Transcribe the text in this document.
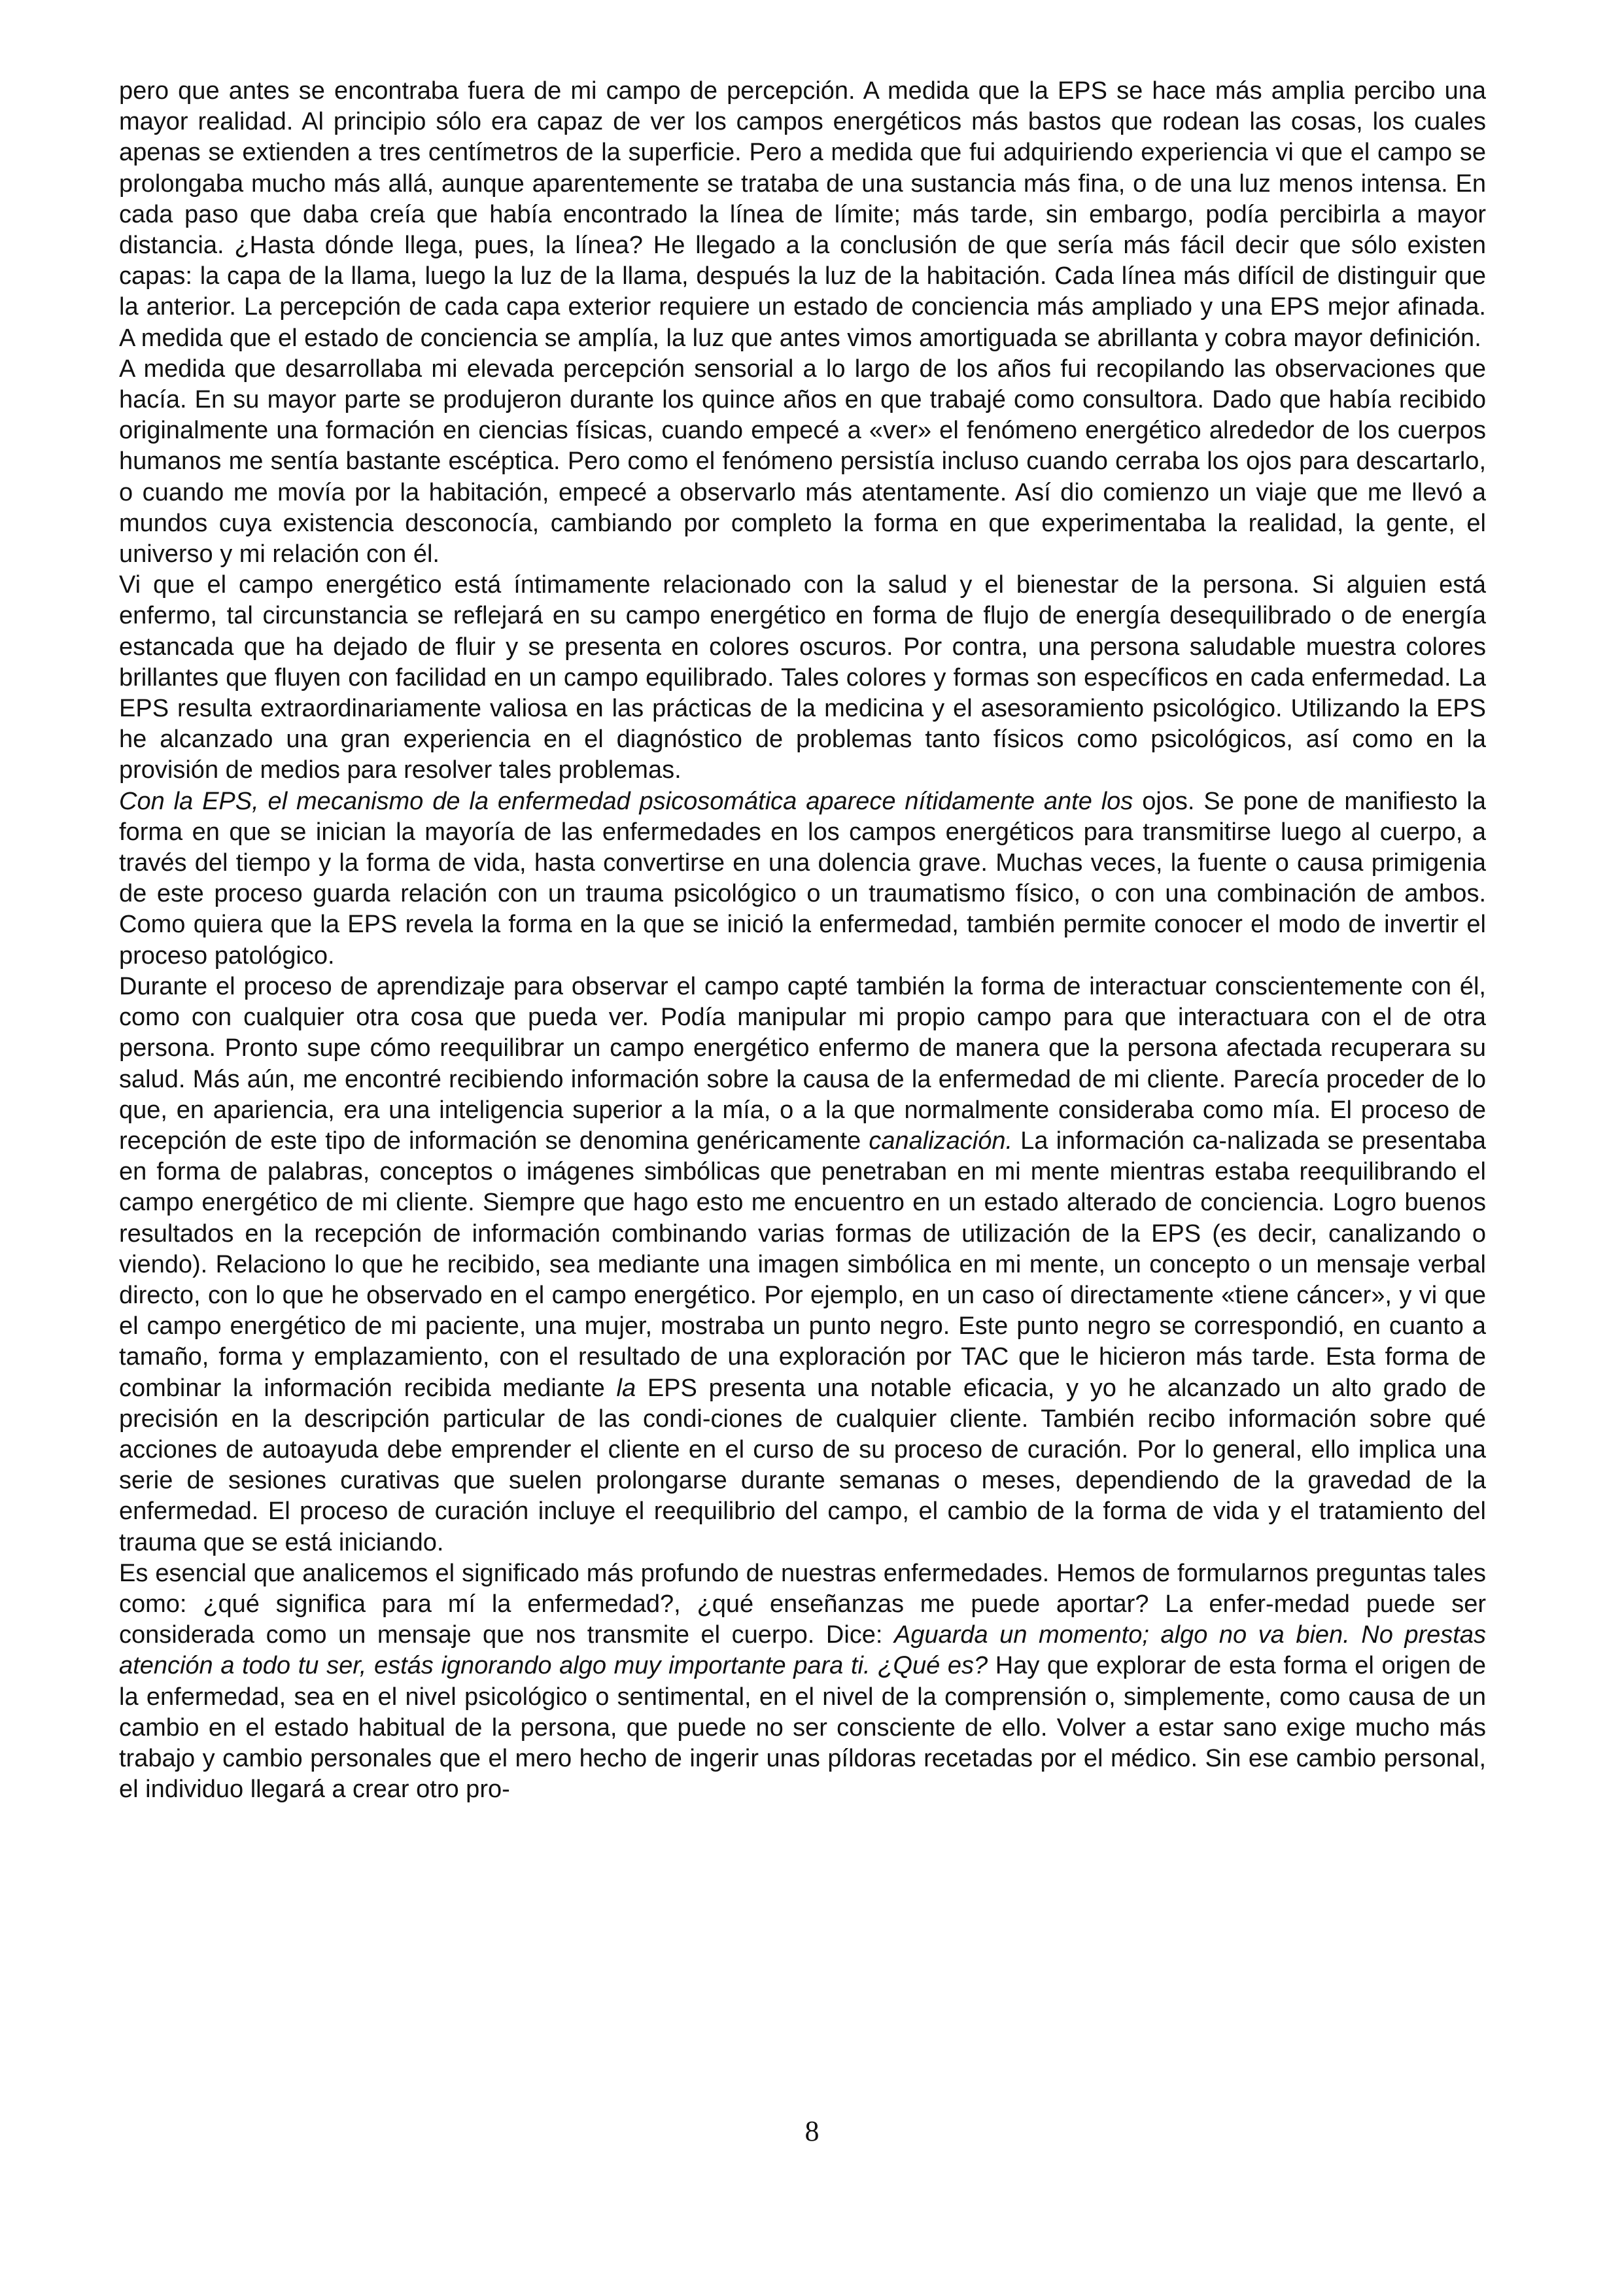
pero que antes se encontraba fuera de mi campo de percepción. A medida que la EPS se hace más amplia percibo una mayor realidad. Al principio sólo era capaz de ver los campos energéticos más bastos que rodean las cosas, los cuales apenas se extienden a tres centímetros de la superficie. Pero a medida que fui adquiriendo experiencia vi que el campo se prolongaba mucho más allá, aunque aparentemente se trataba de una sustancia más fina, o de una luz menos intensa. En cada paso que daba creía que había encontrado la línea de límite; más tarde, sin embargo, podía percibirla a mayor distancia. ¿Hasta dónde llega, pues, la línea? He llegado a la conclusión de que sería más fácil decir que sólo existen capas: la capa de la llama, luego la luz de la llama, después la luz de la habitación. Cada línea más difícil de distinguir que la anterior. La percepción de cada capa exterior requiere un estado de conciencia más ampliado y una EPS mejor afinada. A medida que el estado de conciencia se amplía, la luz que antes vimos amortiguada se abrillanta y cobra mayor definición.

A medida que desarrollaba mi elevada percepción sensorial a lo largo de los años fui recopilando las observaciones que hacía. En su mayor parte se produjeron durante los quince años en que trabajé como consultora. Dado que había recibido originalmente una formación en ciencias físicas, cuando empecé a «ver» el fenómeno energético alrededor de los cuerpos humanos me sentía bastante escéptica. Pero como el fenómeno persistía incluso cuando cerraba los ojos para descartarlo, o cuando me movía por la habitación, empecé a observarlo más atentamente. Así dio comienzo un viaje que me llevó a mundos cuya existencia desconocía, cambiando por completo la forma en que experimentaba la realidad, la gente, el universo y mi relación con él.

Vi que el campo energético está íntimamente relacionado con la salud y el bienestar de la persona. Si alguien está enfermo, tal circunstancia se reflejará en su campo energético en forma de flujo de energía desequilibrado o de energía estancada que ha dejado de fluir y se presenta en colores oscuros. Por contra, una persona saludable muestra colores brillantes que fluyen con facilidad en un campo equilibrado. Tales colores y formas son específicos en cada enfermedad. La EPS resulta extraordinariamente valiosa en las prácticas de la medicina y el asesoramiento psicológico. Utilizando la EPS he alcanzado una gran experiencia en el diagnóstico de problemas tanto físicos como psicológicos, así como en la provisión de medios para resolver tales problemas.

Con la EPS, el mecanismo de la enfermedad psicosomática aparece nítidamente ante los ojos. Se pone de manifiesto la forma en que se inician la mayoría de las enfermedades en los campos energéticos para transmitirse luego al cuerpo, a través del tiempo y la forma de vida, hasta convertirse en una dolencia grave. Muchas veces, la fuente o causa primigenia de este proceso guarda relación con un trauma psicológico o un traumatismo físico, o con una combinación de ambos. Como quiera que la EPS revela la forma en la que se inició la enfermedad, también permite conocer el modo de invertir el proceso patológico.

Durante el proceso de aprendizaje para observar el campo capté también la forma de interactuar conscientemente con él, como con cualquier otra cosa que pueda ver. Podía manipular mi propio campo para que interactuara con el de otra persona. Pronto supe cómo reequilibrar un campo energético enfermo de manera que la persona afectada recuperara su salud. Más aún, me encontré recibiendo información sobre la causa de la enfermedad de mi cliente. Parecía proceder de lo que, en apariencia, era una inteligencia superior a la mía, o a la que normalmente consideraba como mía. El proceso de recepción de este tipo de información se denomina genéricamente canalización. La información ca-nalizada se presentaba en forma de palabras, conceptos o imágenes simbólicas que penetraban en mi mente mientras estaba reequilibrando el campo energético de mi cliente. Siempre que hago esto me encuentro en un estado alterado de conciencia. Logro buenos resultados en la recepción de información combinando varias formas de utilización de la EPS (es decir, canalizando o viendo). Relaciono lo que he recibido, sea mediante una imagen simbólica en mi mente, un concepto o un mensaje verbal directo, con lo que he observado en el campo energético. Por ejemplo, en un caso oí directamente «tiene cáncer», y vi que el campo energético de mi paciente, una mujer, mostraba un punto negro. Este punto negro se correspondió, en cuanto a tamaño, forma y emplazamiento, con el resultado de una exploración por TAC que le hicieron más tarde. Esta forma de combinar la información recibida mediante la EPS presenta una notable eficacia, y yo he alcanzado un alto grado de precisión en la descripción particular de las condi-ciones de cualquier cliente. También recibo información sobre qué acciones de autoayuda debe emprender el cliente en el curso de su proceso de curación. Por lo general, ello implica una serie de sesiones curativas que suelen prolongarse durante semanas o meses, dependiendo de la gravedad de la enfermedad. El proceso de curación incluye el reequilibrio del campo, el cambio de la forma de vida y el tratamiento del trauma que se está iniciando.

Es esencial que analicemos el significado más profundo de nuestras enfermedades. Hemos de formularnos preguntas tales como: ¿qué significa para mí la enfermedad?, ¿qué enseñanzas me puede aportar? La enfer-medad puede ser considerada como un mensaje que nos transmite el cuerpo. Dice: Aguarda un momento; algo no va bien. No prestas atención a todo tu ser, estás ignorando algo muy importante para ti. ¿Qué es? Hay que explorar de esta forma el origen de la enfermedad, sea en el nivel psicológico o sentimental, en el nivel de la comprensión o, simplemente, como causa de un cambio en el estado habitual de la persona, que puede no ser consciente de ello. Volver a estar sano exige mucho más trabajo y cambio personales que el mero hecho de ingerir unas píldoras recetadas por el médico. Sin ese cambio personal, el individuo llegará a crear otro pro-

8
